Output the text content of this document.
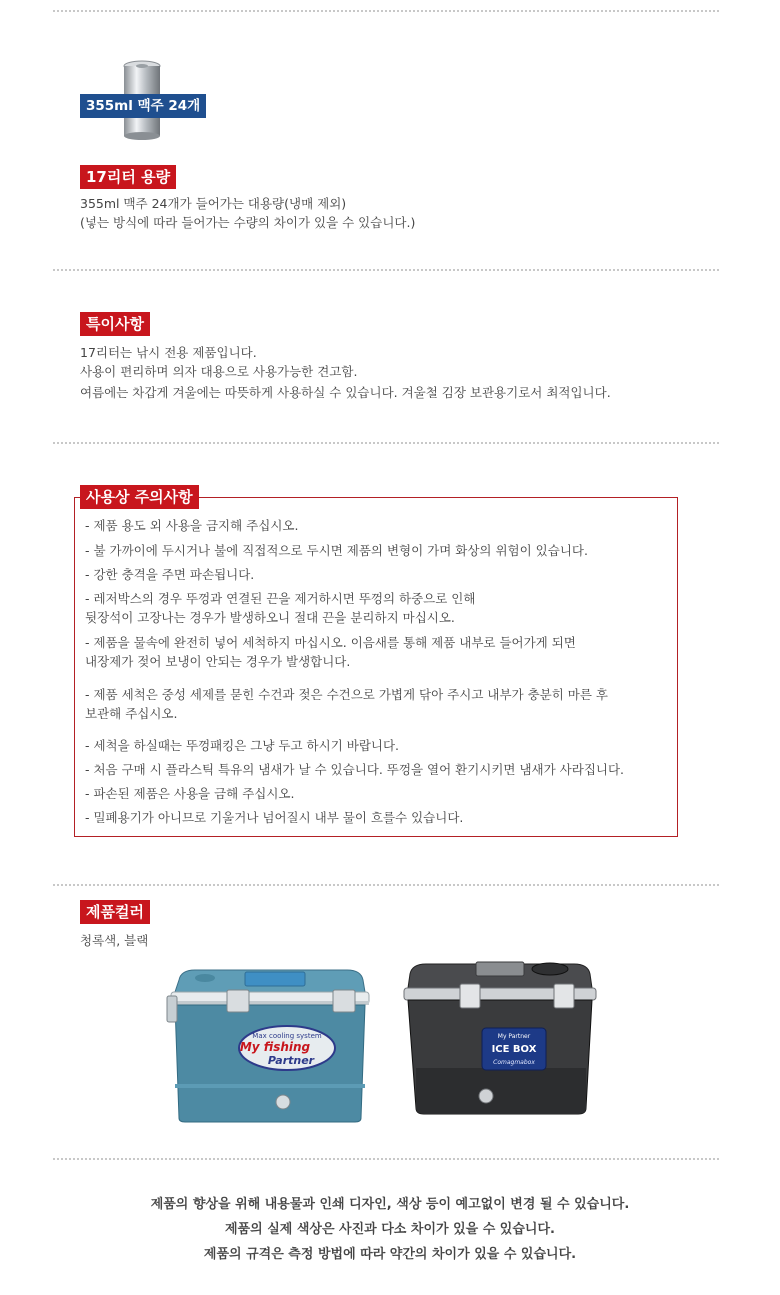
355ml 맥주 24개
17리터 용량
355ml 맥주 24개가 들어가는 대용량(냉매 제외)
(넣는 방식에 따라 들어가는 수량의 차이가 있을 수 있습니다.)
특이사항
17리터는 낚시 전용 제품입니다.
사용이 편리하며 의자 대용으로 사용가능한 견고함.
여름에는 차갑게 겨울에는 따뜻하게 사용하실 수 있습니다. 겨울철 김장 보관용기로서 최적입니다.
사용상 주의사항
- 제품 용도 외 사용을 금지해 주십시오.
- 불 가까이에 두시거나 불에 직접적으로 두시면 제품의 변형이 가며 화상의 위험이 있습니다.
- 강한 충격을 주면 파손됩니다.
- 레저박스의 경우 뚜껑과 연결된 끈을 제거하시면 뚜껑의 하중으로 인해
뒷장석이 고장나는 경우가 발생하오니 절대 끈을 분리하지 마십시오.
- 제품을 물속에 완전히 넣어 세척하지 마십시오. 이음새를 통해 제품 내부로 들어가게 되면
내장제가 젖어 보냉이 안되는 경우가 발생합니다.
- 제품 세척은 중성 세제를 묻힌 수건과 젖은 수건으로 가볍게 닦아 주시고 내부가 충분히 마른 후
보관해 주십시오.
- 세척을 하실때는 뚜껑패킹은 그냥 두고 하시기 바랍니다.
- 처음 구매 시 플라스틱 특유의 냄새가 날 수 있습니다. 뚜껑을 열어 환기시키면 냄새가 사라집니다.
- 파손된 제품은 사용을 금해 주십시오.
- 밀폐용기가 아니므로 기울거나 넘어질시 내부 물이 흐를수 있습니다.
제품컬러
청록색, 블랙
Max cooling system
My fishing
Partner
My Partner
ICE BOX
Comagmabox
제품의 향상을 위해 내용물과 인쇄 디자인, 색상 등이 예고없이 변경 될 수 있습니다.
제품의 실제 색상은 사진과 다소 차이가 있을 수 있습니다.
제품의 규격은 측정 방법에 따라 약간의 차이가 있을 수 있습니다.
